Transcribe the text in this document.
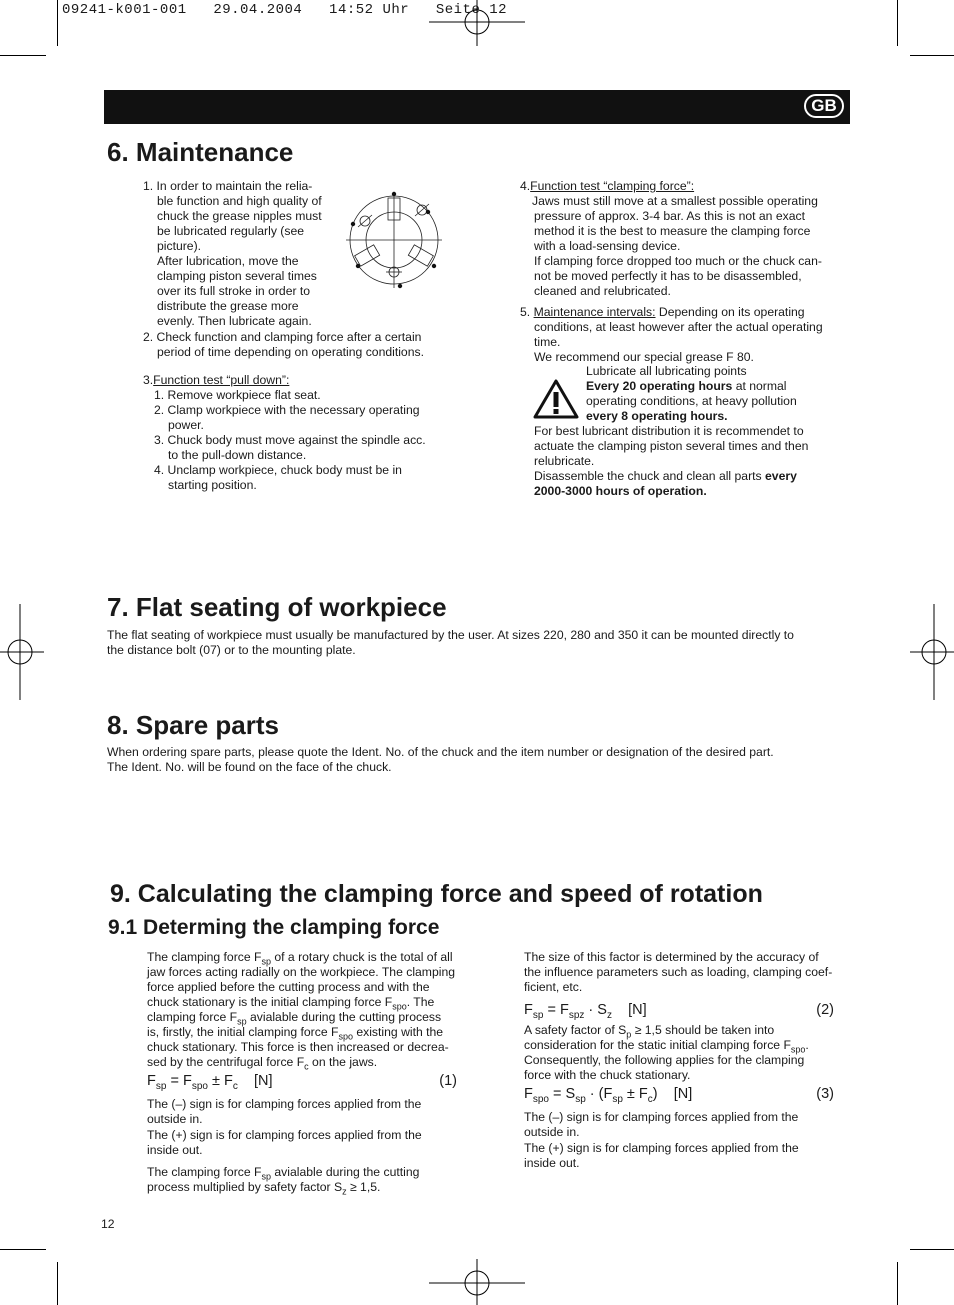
09241-k001-001   29.04.2004   14:52 Uhr   Seite 12
GB
6. Maintenance

1. In order to maintain the relia-

ble function and high quality of

chuck the grease nipples must

be lubricated regularly (see

picture).

After lubrication, move the

clamping piston several times

over its full stroke in order to

distribute the grease more

evenly. Then lubricate again.

2. Check function and clamping force after a certain

period of time depending on operating conditions.

3.Function test “pull down”:

1. Remove workpiece flat seat.

2. Clamp workpiece with the necessary operating

power.

3. Chuck body must move against the spindle acc.

to the pull-down distance.

4. Unclamp workpiece, chuck body must be in

starting position.

4.Function test “clamping force”:

Jaws must still move at a smallest possible operating

pressure of approx. 3-4 bar. As this is not an exact

method it is the best to measure the clamping force

with a load-sensing device.

If clamping force dropped too much or the chuck can-

not be moved perfectly it has to be disassembled,

cleaned and relubricated.

5. Maintenance intervals: Depending on its operating

conditions, at least however after the actual operating

time.

We recommend our special grease F 80.

Lubricate all lubricating points

Every 20 operating hours at normal

operating conditions, at heavy pollution

every 8 operating hours.

For best lubricant distribution it is recommendet to

actuate the clamping piston several times and then

relubricate.

Disassemble the chuck and clean all parts every

2000-3000 hours of operation.

7. Flat seating of workpiece

The flat seating of workpiece must usually be manufactured by the user. At sizes 220, 280 and 350 it can be mounted directly to

the distance bolt (07) or to the mounting plate.

8. Spare parts

When ordering spare parts, please quote the Ident. No. of the chuck and the item number or designation of the desired part.

The Ident. No. will be found on the face of the chuck.

9. Calculating the clamping force and speed of rotation
9.1 Determing the clamping force

The clamping force $F_{sp}$ of a rotary chuck is the total of all

jaw forces acting radially on the workpiece. The clamping

force applied before the cutting process and with the

chuck stationary is the initial clamping force $F_{spo}$. The

clamping force $F_{sp}$ avialable during the cutting process

is, firstly, the initial clamping force $F_{spo}$ existing with the

chuck stationary. This force is then increased or decrea-

sed by the centrifugal force $F_c$ on the jaws.

$F_{sp} = F_{spo} \pm F_c$ [N]	(1)

The (–) sign is for clamping forces applied from the

outside in.

The (+) sign is for clamping forces applied from the

inside out.

The clamping force $F_{sp}$ avialable during the cutting

process multiplied by safety factor $S_z \ge 1,5$.

The size of this factor is determined by the accuracy of

the influence parameters such as loading, clamping coef-

ficient, etc.

$F_{sp} = F_{spz} \cdot S_z$ [N]	(2)

A safety factor of $S_p \ge 1,5$ should be taken into

consideration for the static initial clamping force $F_{spo}$.

Consequently, the following applies for the clamping

force with the chuck stationary.

$F_{spo} = S_{sp} \cdot (F_{sp} \pm F_c)$    [N]	(3)

The (–) sign is for clamping forces applied from the

outside in.

The (+) sign is for clamping forces applied from the

inside out.

12
